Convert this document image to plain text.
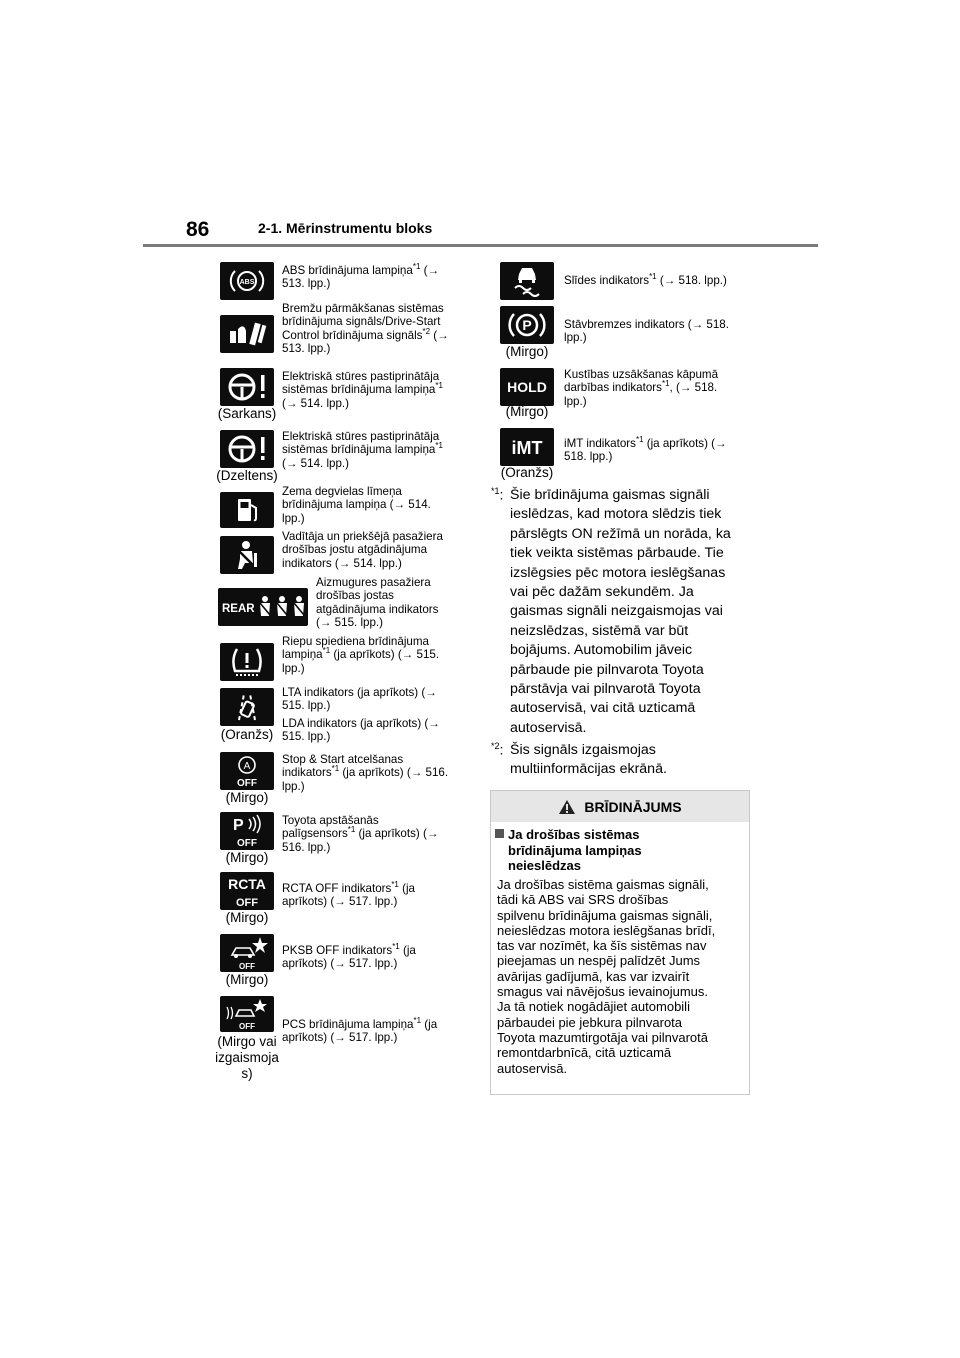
86	2-1. Mērinstrumentu bloks
ABS
ABS brīdinājuma lampiņa$^{*1}$ (→
513. lpp.)
Bremžu pārmākšanas sistēmas
brīdinājuma signāls/Drive-Start
Control brīdinājuma signāls$^{*2}$ (→
513. lpp.)
(Sarkans)
Elektriskā stūres pastiprinātāja
sistēmas brīdinājuma lampiņa$^{*1}$
(→ 514. lpp.)
(Dzeltens)
Elektriskā stūres pastiprinātāja
sistēmas brīdinājuma lampiņa$^{*1}$
(→ 514. lpp.)
Zema degvielas līmeņa
brīdinājuma lampiņa (→ 514.
lpp.)
Vadītāja un priekšējā pasažiera
drošības jostu atgādinājuma
indikators (→ 514. lpp.)
REAR
Aizmugures pasažiera
drošības jostas
atgādinājuma indikators
(→ 515. lpp.)
Riepu spiediena brīdinājuma
lampiņa$^{*1}$ (ja aprīkots) (→ 515.
lpp.)
(Oranžs)
LTA indikators (ja aprīkots) (→
515. lpp.)
LDA indikators (ja aprīkots) (→
515. lpp.)
A
OFF
(Mirgo)
Stop & Start atcelšanas
indikators$^{*1}$ (ja aprīkots) (→ 516.
lpp.)
P
OFF
(Mirgo)
Toyota apstāšanās
palīgsensors$^{*1}$ (ja aprīkots) (→
516. lpp.)
RCTA
OFF
(Mirgo)
RCTA OFF indikators$^{*1}$ (ja
aprīkots) (→ 517. lpp.)
OFF
(Mirgo)
PKSB OFF indikators$^{*1}$ (ja
aprīkots) (→ 517. lpp.)
OFF
(Mirgo vai izgaismoja s)
PCS brīdinājuma lampiņa$^{*1}$ (ja
aprīkots) (→ 517. lpp.)
Slīdes indikators$^{*1}$ (→ 518. lpp.)
P
(Mirgo)
Stāvbremzes indikators (→ 518.
lpp.)
HOLD
(Mirgo)
Kustības uzsākšanas kāpumā
darbības indikators$^{*1}$, (→ 518.
lpp.)
iMT
(Oranžs)
iMT indikators$^{*1}$ (ja aprīkots) (→
518. lpp.)
$^{*1}$: Šie brīdinājuma gaismas signāli
ieslēdzas, kad motora slēdzis tiek
pārslēgts ON režīmā un norāda, ka
tiek veikta sistēmas pārbaude. Tie
izslēgsies pēc motora ieslēgšanas
vai pēc dažām sekundēm. Ja
gaismas signāli neizgaismojas vai
neizslēdzas, sistēmā var būt
bojājums. Automobilim jāveic
pārbaude pie pilnvarota Toyota
pārstāvja vai pilnvarotā Toyota
autoservisā, vai citā uzticamā
autoservisā.
$^{*2}$: Šis signāls izgaismojas
multiinformācijas ekrānā.
BRĪDINĀJUMS
Ja drošības sistēmas
brīdinājuma lampiņas
neieslēdzas
Ja drošības sistēma gaismas signāli,
tādi kā ABS vai SRS drošības
spilvenu brīdinājuma gaismas signāli,
neieslēdzas motora ieslēgšanas brīdī,
tas var nozīmēt, ka šīs sistēmas nav
pieejamas un nespēj palīdzēt Jums
avārijas gadījumā, kas var izvairīt
smagus vai nāvējošus ievainojumus.
Ja tā notiek nogādājiet automobili
pārbaudei pie jebkura pilnvarota
Toyota mazumtirgotāja vai pilnvarotā
remontdarbnīcā, citā uzticamā
autoservisā.
